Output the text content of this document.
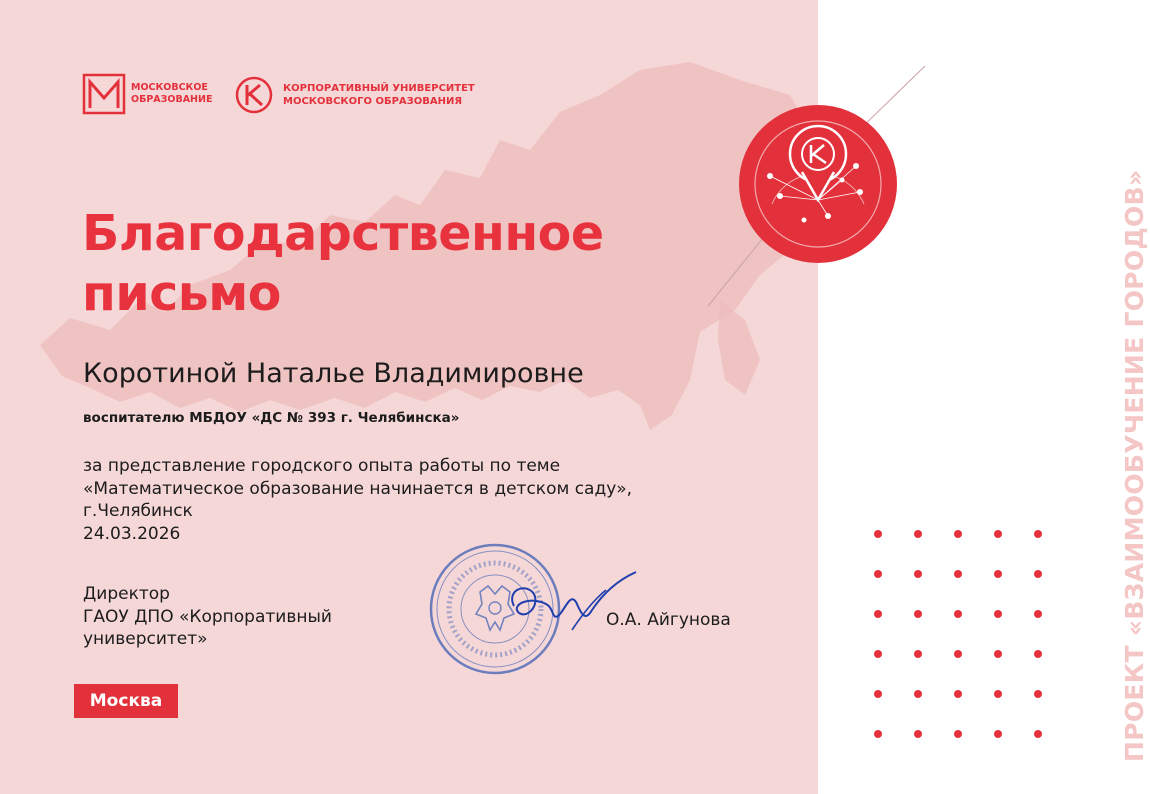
МОСКОВСКОЕ
ОБРАЗОВАНИЕ
КОРПОРАТИВНЫЙ УНИВЕРСИТЕТ
МОСКОВСКОГО ОБРАЗОВАНИЯ
Благодарственное
письмо
Коротиной Наталье Владимировне
воспитателю МБДОУ «ДС № 393 г. Челябинска»
за представление городского опыта работы по теме
«Математическое образование начинается в детском саду»,
г.Челябинск
24.03.2026
Директор
ГАОУ ДПО «Корпоративный
университет»
О.А. Айгунова
Москва	ПРОЕКТ «ВЗАИМООБУЧЕНИЕ ГОРОДОВ»
